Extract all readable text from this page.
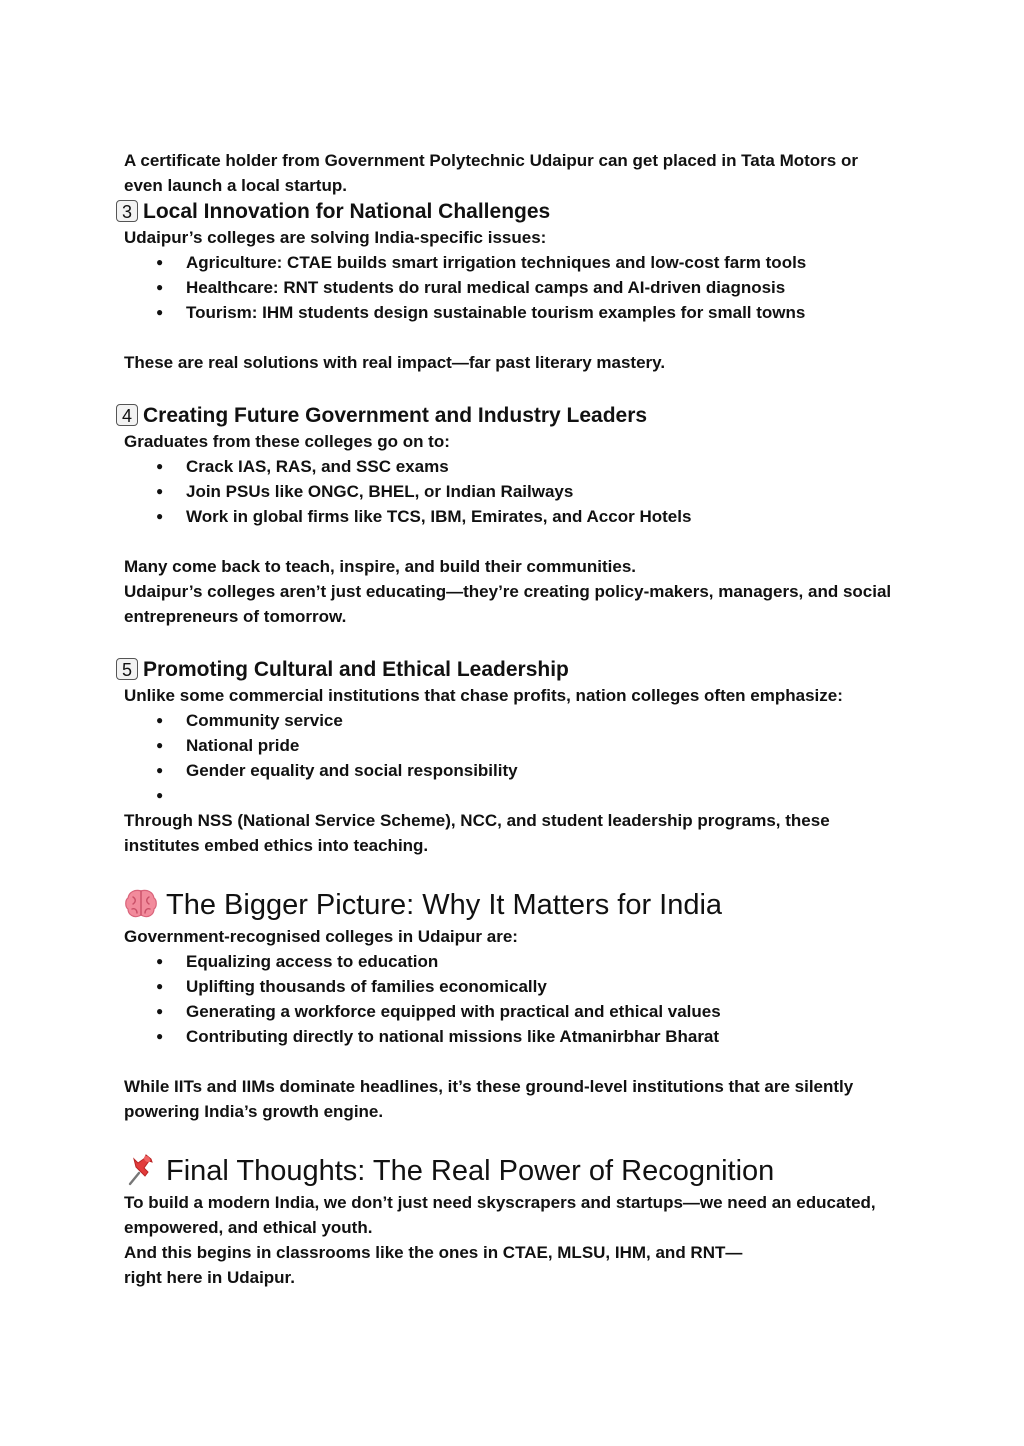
A certificate holder from Government Polytechnic Udaipur can get placed in Tata Motors or even launch a local startup.

3 Local Innovation for National Challenges

Udaipur’s colleges are solving India-specific issues:

● Agriculture: CTAE builds smart irrigation techniques and low-cost farm tools
● Healthcare: RNT students do rural medical camps and AI-driven diagnosis
● Tourism: IHM students design sustainable tourism examples for small towns

These are real solutions with real impact—far past literary mastery.

4 Creating Future Government and Industry Leaders

Graduates from these colleges go on to:

● Crack IAS, RAS, and SSC exams
● Join PSUs like ONGC, BHEL, or Indian Railways
● Work in global firms like TCS, IBM, Emirates, and Accor Hotels

Many come back to teach, inspire, and build their communities.

Udaipur’s colleges aren’t just educating—they’re creating policy-makers, managers, and social entrepreneurs of tomorrow.

5 Promoting Cultural and Ethical Leadership

Unlike some commercial institutions that chase profits, nation colleges often emphasize:

● Community service
● National pride
● Gender equality and social responsibility
●

Through NSS (National Service Scheme), NCC, and student leadership programs, these institutes embed ethics into teaching.

The Bigger Picture: Why It Matters for India

Government-recognised colleges in Udaipur are:

● Equalizing access to education
● Uplifting thousands of families economically
● Generating a workforce equipped with practical and ethical values
● Contributing directly to national missions like Atmanirbhar Bharat

While IITs and IIMs dominate headlines, it’s these ground-level institutions that are silently powering India’s growth engine.

Final Thoughts: The Real Power of Recognition

To build a modern India, we don’t just need skyscrapers and startups—we need an educated, empowered, and ethical youth.

And this begins in classrooms like the ones in CTAE, MLSU, IHM, and RNT—right here in Udaipur.
